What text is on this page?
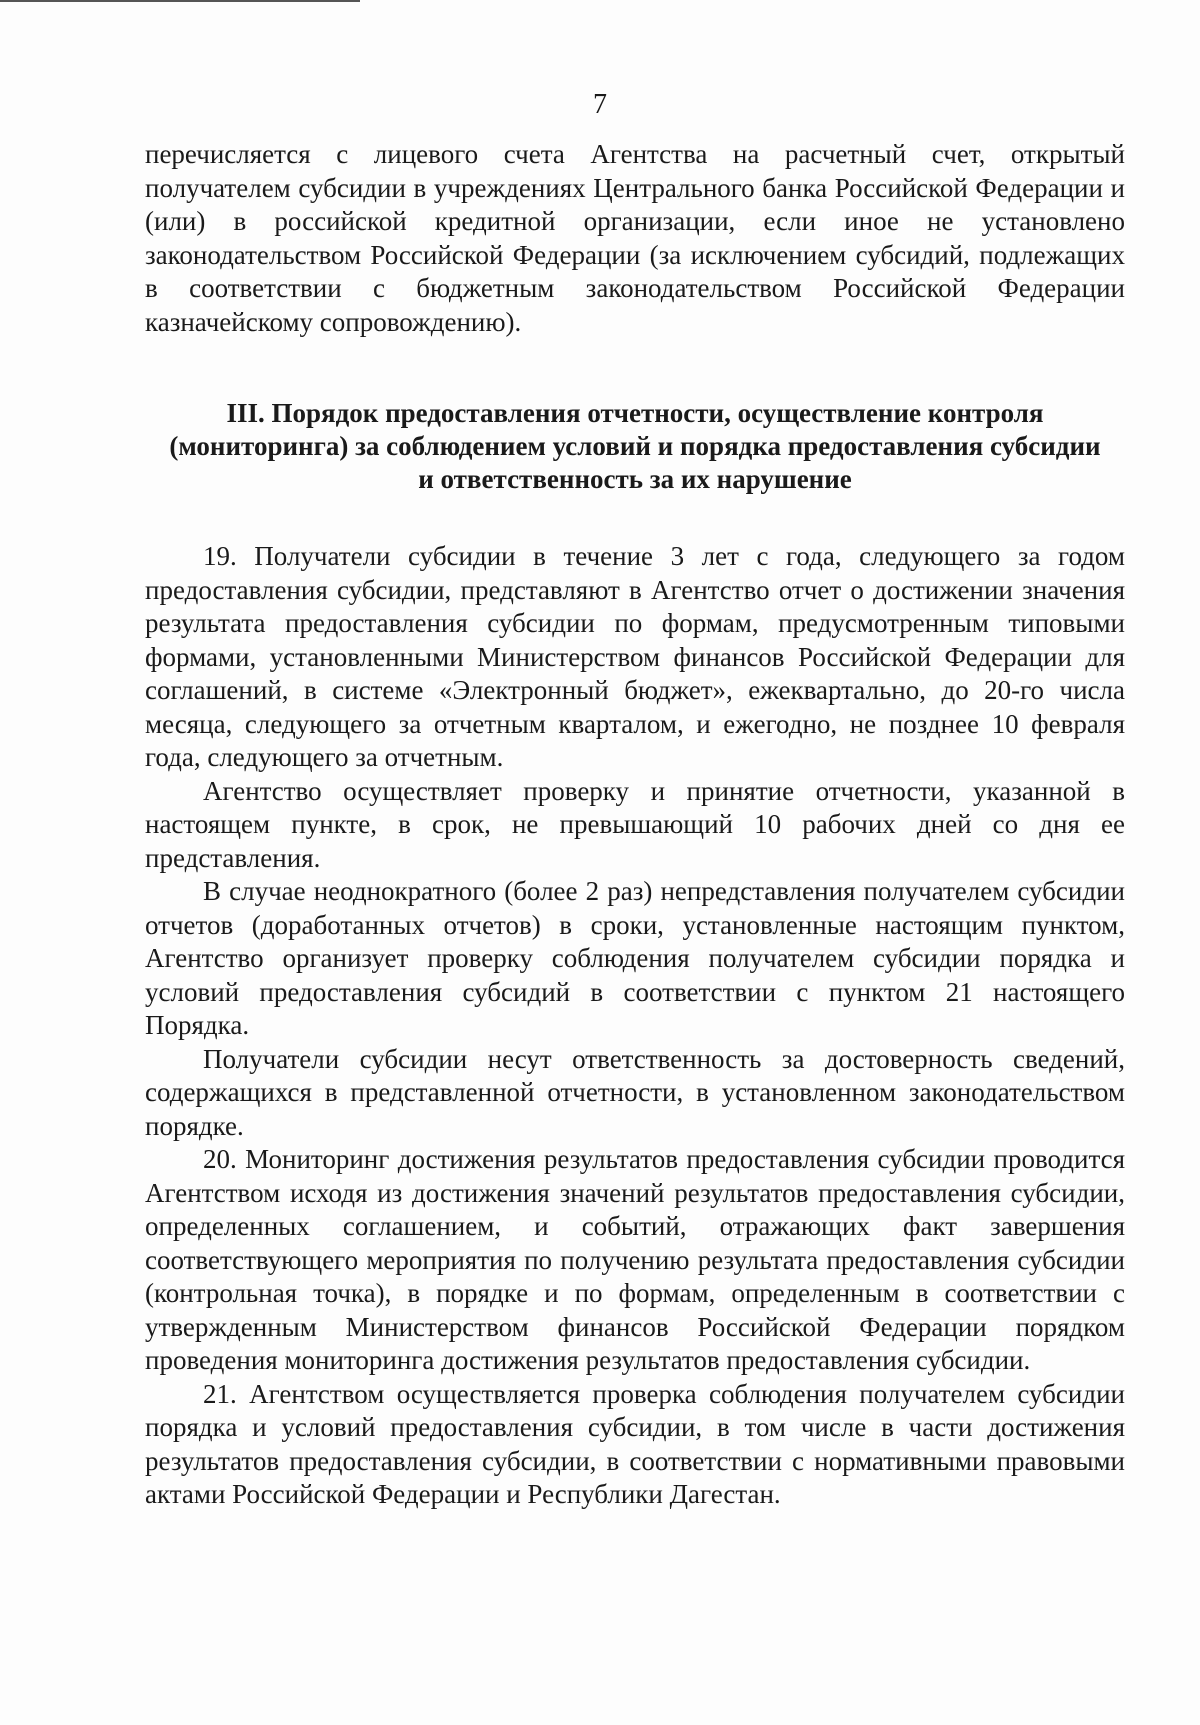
7

перечисляется с лицевого счета Агентства на расчетный счет, открытый получателем субсидии в учреждениях Центрального банка Российской Федерации и (или) в российской кредитной организации, если иное не установлено законодательством Российской Федерации (за исключением субсидий, подлежащих в соответствии с бюджетным законодательством Российской Федерации казначейскому сопровождению).

III. Порядок предоставления отчетности, осуществление контроля (мониторинга) за соблюдением условий и порядка предоставления субсидии и ответственность за их нарушение

19. Получатели субсидии в течение 3 лет с года, следующего за годом предоставления субсидии, представляют в Агентство отчет о достижении значения результата предоставления субсидии по формам, предусмотренным типовыми формами, установленными Министерством финансов Российской Федерации для соглашений, в системе «Электронный бюджет», ежеквартально, до 20-го числа месяца, следующего за отчетным кварталом, и ежегодно, не позднее 10 февраля года, следующего за отчетным.

Агентство осуществляет проверку и принятие отчетности, указанной в настоящем пункте, в срок, не превышающий 10 рабочих дней со дня ее представления.

В случае неоднократного (более 2 раз) непредставления получателем субсидии отчетов (доработанных отчетов) в сроки, установленные настоящим пунктом, Агентство организует проверку соблюдения получателем субсидии порядка и условий предоставления субсидий в соответствии с пунктом 21 настоящего Порядка.

Получатели субсидии несут ответственность за достоверность сведений, содержащихся в представленной отчетности, в установленном законодательством порядке.

20. Мониторинг достижения результатов предоставления субсидии проводится Агентством исходя из достижения значений результатов предоставления субсидии, определенных соглашением, и событий, отражающих факт завершения соответствующего мероприятия по получению результата предоставления субсидии (контрольная точка), в порядке и по формам, определенным в соответствии с утвержденным Министерством финансов Российской Федерации порядком проведения мониторинга достижения результатов предоставления субсидии.

21. Агентством осуществляется проверка соблюдения получателем субсидии порядка и условий предоставления субсидии, в том числе в части достижения результатов предоставления субсидии, в соответствии с нормативными правовыми актами Российской Федерации и Республики Дагестан.
